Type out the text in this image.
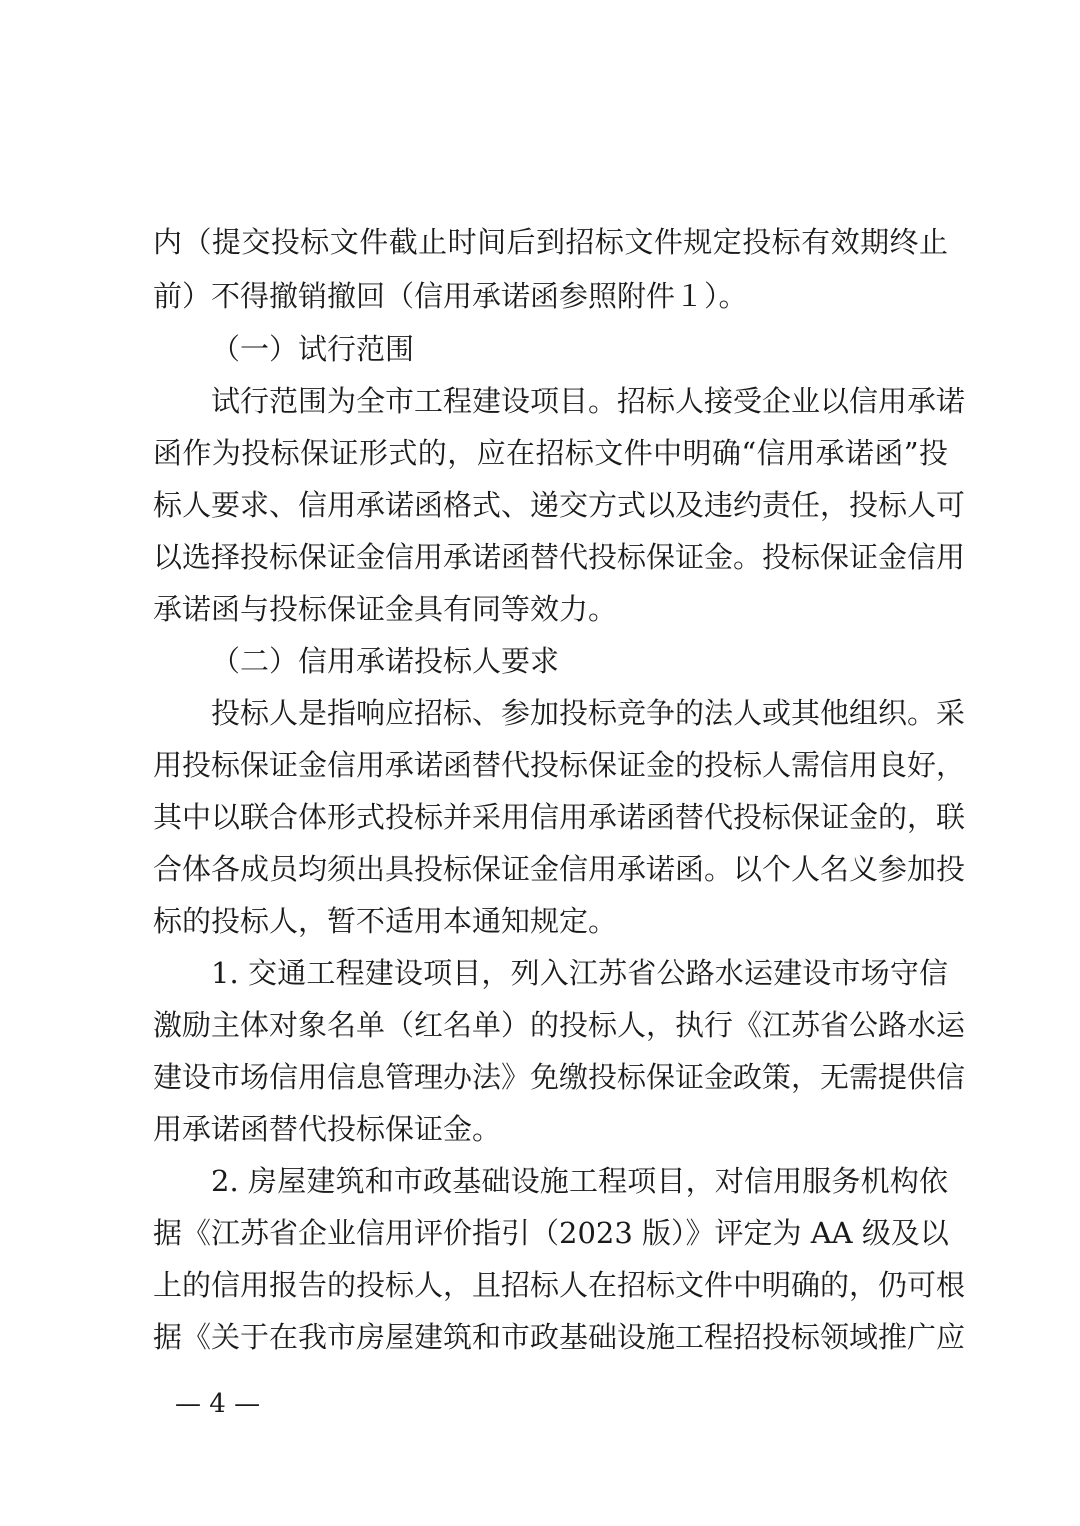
内（提交投标文件截止时间后到招标文件规定投标有效期终止
前）不得撤销撤回（信用承诺函参照附件１）。
（一）试行范围
试行范围为全市工程建设项目。招标人接受企业以信用承诺
函作为投标保证形式的，应在招标文件中明确“信用承诺函”投
标人要求、信用承诺函格式、递交方式以及违约责任，投标人可
以选择投标保证金信用承诺函替代投标保证金。投标保证金信用
承诺函与投标保证金具有同等效力。
（二）信用承诺投标人要求
投标人是指响应招标、参加投标竞争的法人或其他组织。采
用投标保证金信用承诺函替代投标保证金的投标人需信用良好，
其中以联合体形式投标并采用信用承诺函替代投标保证金的，联
合体各成员均须出具投标保证金信用承诺函。以个人名义参加投
标的投标人，暂不适用本通知规定。
1. 交通工程建设项目，列入江苏省公路水运建设市场守信
激励主体对象名单（红名单）的投标人，执行《江苏省公路水运
建设市场信用信息管理办法》免缴投标保证金政策，无需提供信
用承诺函替代投标保证金。
2. 房屋建筑和市政基础设施工程项目，对信用服务机构依
据《江苏省企业信用评价指引（2023 版）》评定为 AA 级及以
上的信用报告的投标人，且招标人在招标文件中明确的，仍可根
据《关于在我市房屋建筑和市政基础设施工程招投标领域推广应
— 4 —
